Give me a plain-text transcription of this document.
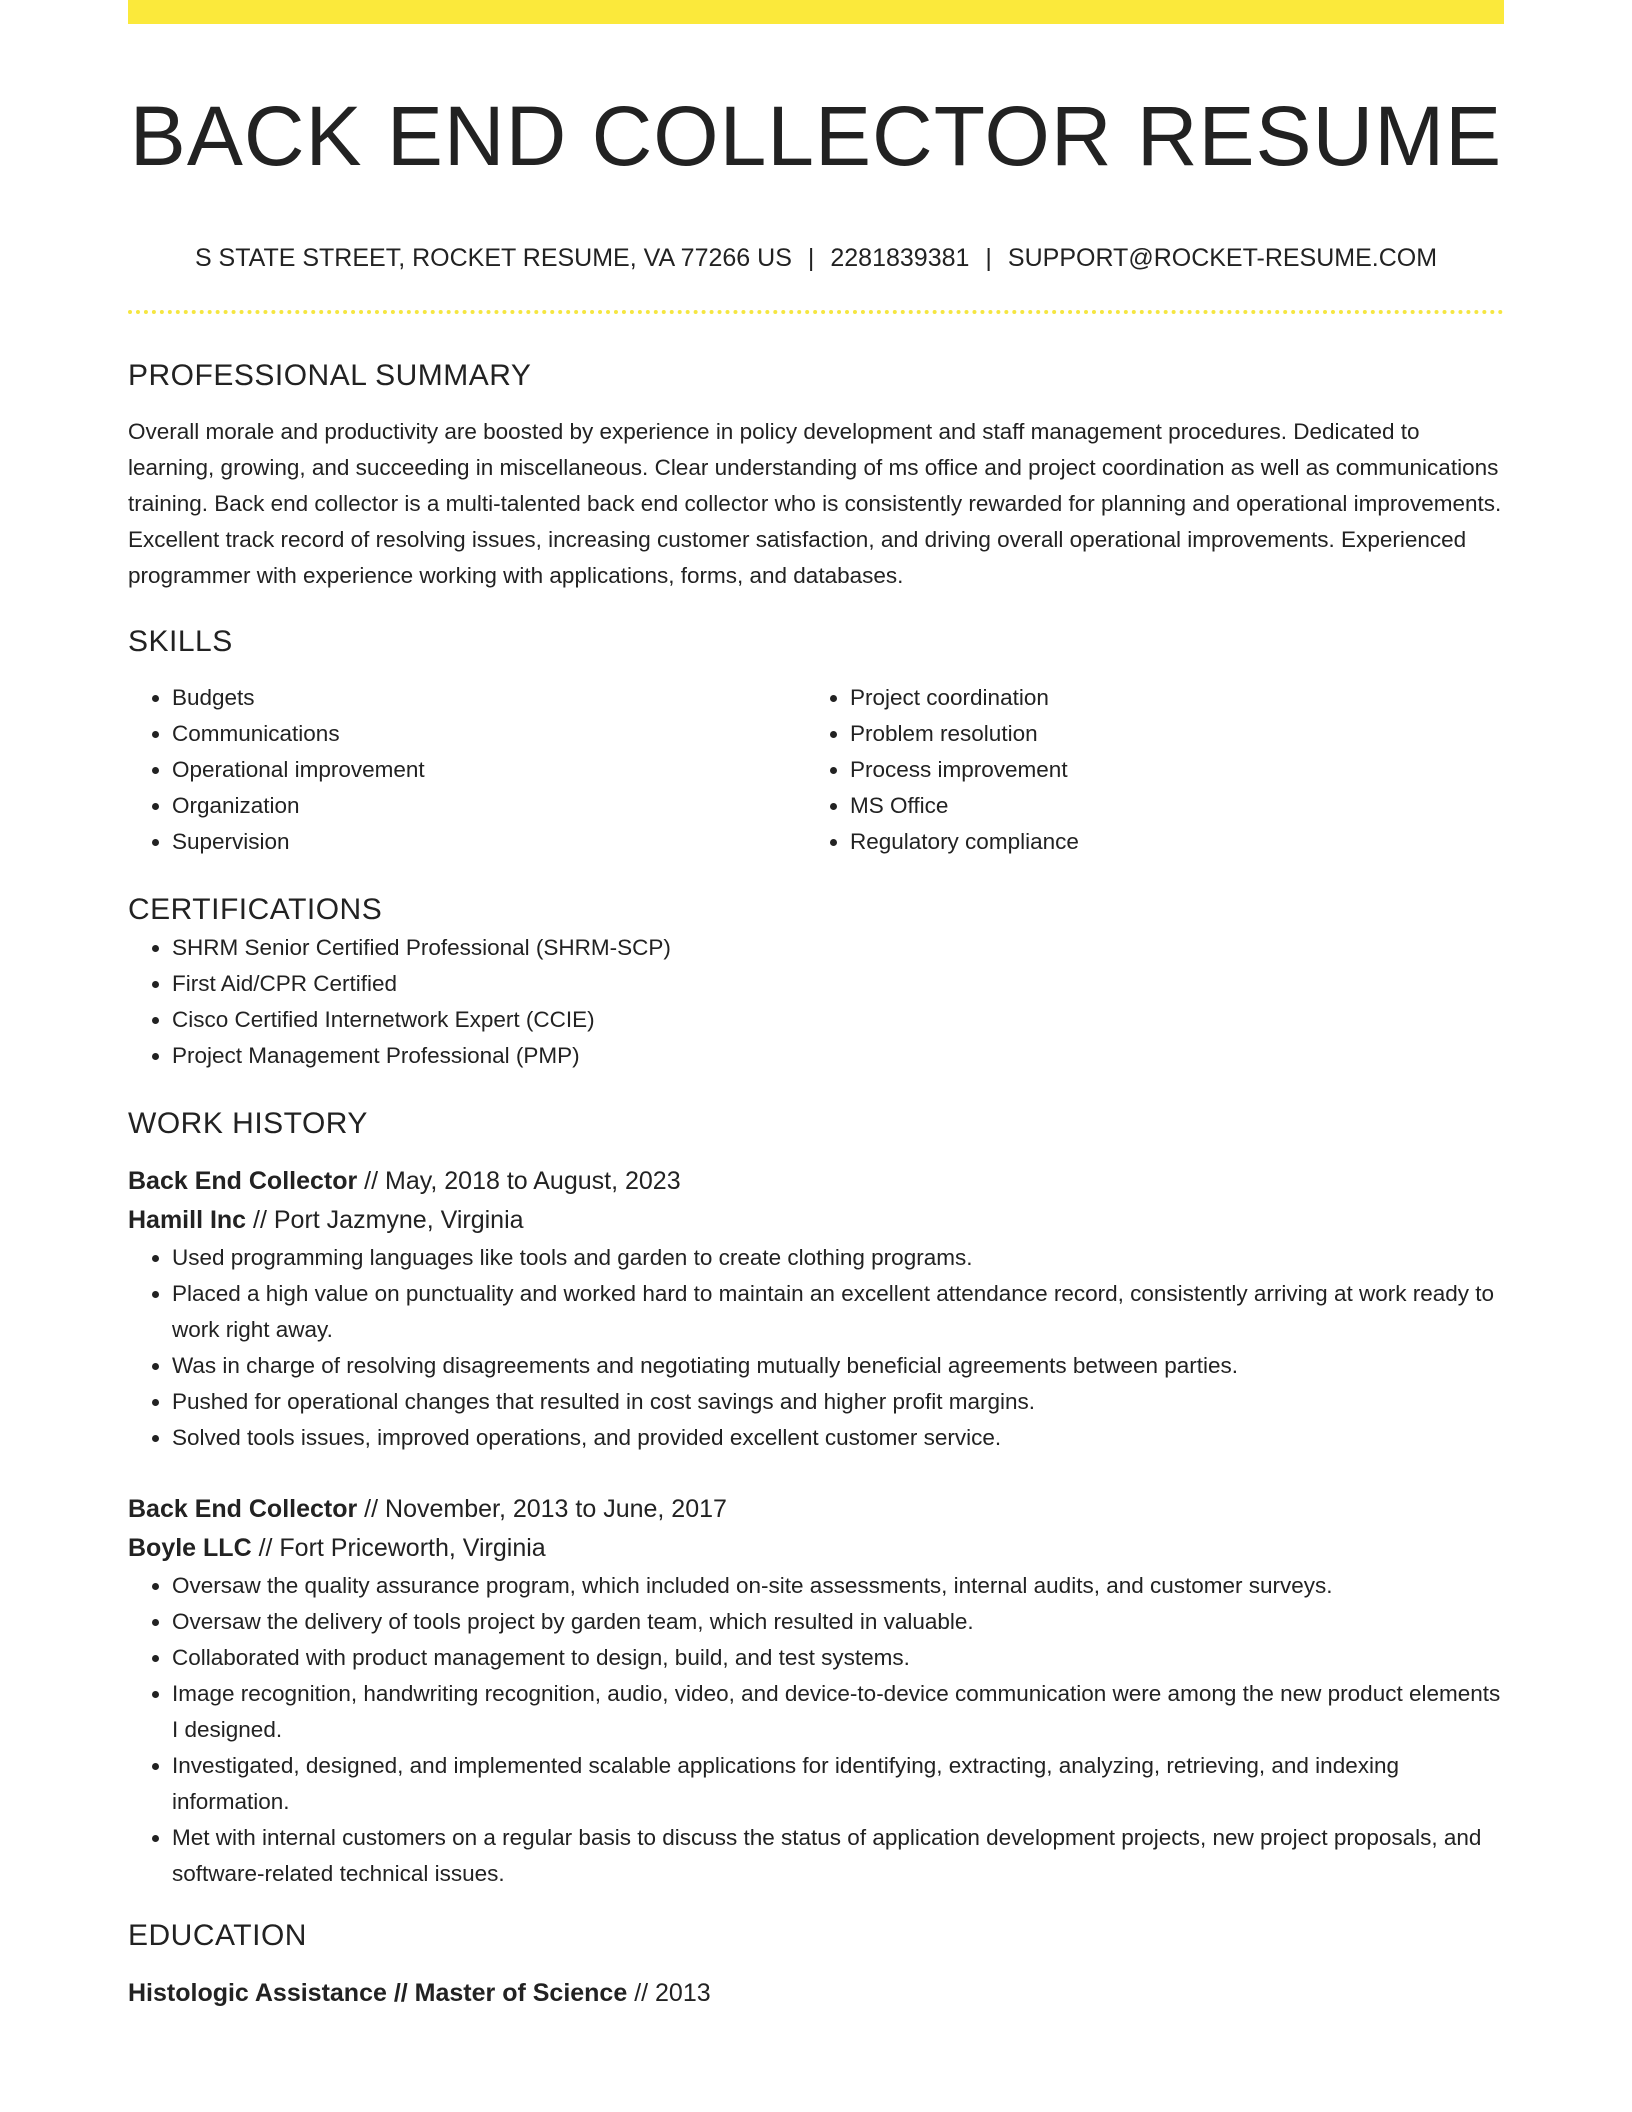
BACK END COLLECTOR RESUME
S STATE STREET, ROCKET RESUME, VA 77266 US | 2281839381 | SUPPORT@ROCKET-RESUME.COM
PROFESSIONAL SUMMARY

Overall morale and productivity are boosted by experience in policy development and staff management procedures. Dedicated to learning, growing, and succeeding in miscellaneous. Clear understanding of ms office and project coordination as well as communications training. Back end collector is a multi-talented back end collector who is consistently rewarded for planning and operational improvements. Excellent track record of resolving issues, increasing customer satisfaction, and driving overall operational improvements. Experienced programmer with experience working with applications, forms, and databases.

SKILLS
• Budgets
• Communications
• Operational improvement
• Organization
• Supervision
• Project coordination
• Problem resolution
• Process improvement
• MS Office
• Regulatory compliance
CERTIFICATIONS
• SHRM Senior Certified Professional (SHRM-SCP)
• First Aid/CPR Certified
• Cisco Certified Internetwork Expert (CCIE)
• Project Management Professional (PMP)
WORK HISTORY
Back End Collector // May, 2018 to August, 2023
Hamill Inc // Port Jazmyne, Virginia
• Used programming languages like tools and garden to create clothing programs.
• Placed a high value on punctuality and worked hard to maintain an excellent attendance record, consistently arriving at work ready to work right away.
• Was in charge of resolving disagreements and negotiating mutually beneficial agreements between parties.
• Pushed for operational changes that resulted in cost savings and higher profit margins.
• Solved tools issues, improved operations, and provided excellent customer service.
Back End Collector // November, 2013 to June, 2017
Boyle LLC // Fort Priceworth, Virginia
• Oversaw the quality assurance program, which included on-site assessments, internal audits, and customer surveys.
• Oversaw the delivery of tools project by garden team, which resulted in valuable.
• Collaborated with product management to design, build, and test systems.
• Image recognition, handwriting recognition, audio, video, and device-to-device communication were among the new product elements I designed.
• Investigated, designed, and implemented scalable applications for identifying, extracting, analyzing, retrieving, and indexing information.
• Met with internal customers on a regular basis to discuss the status of application development projects, new project proposals, and software-related technical issues.
EDUCATION
Histologic Assistance // Master of Science // 2013
